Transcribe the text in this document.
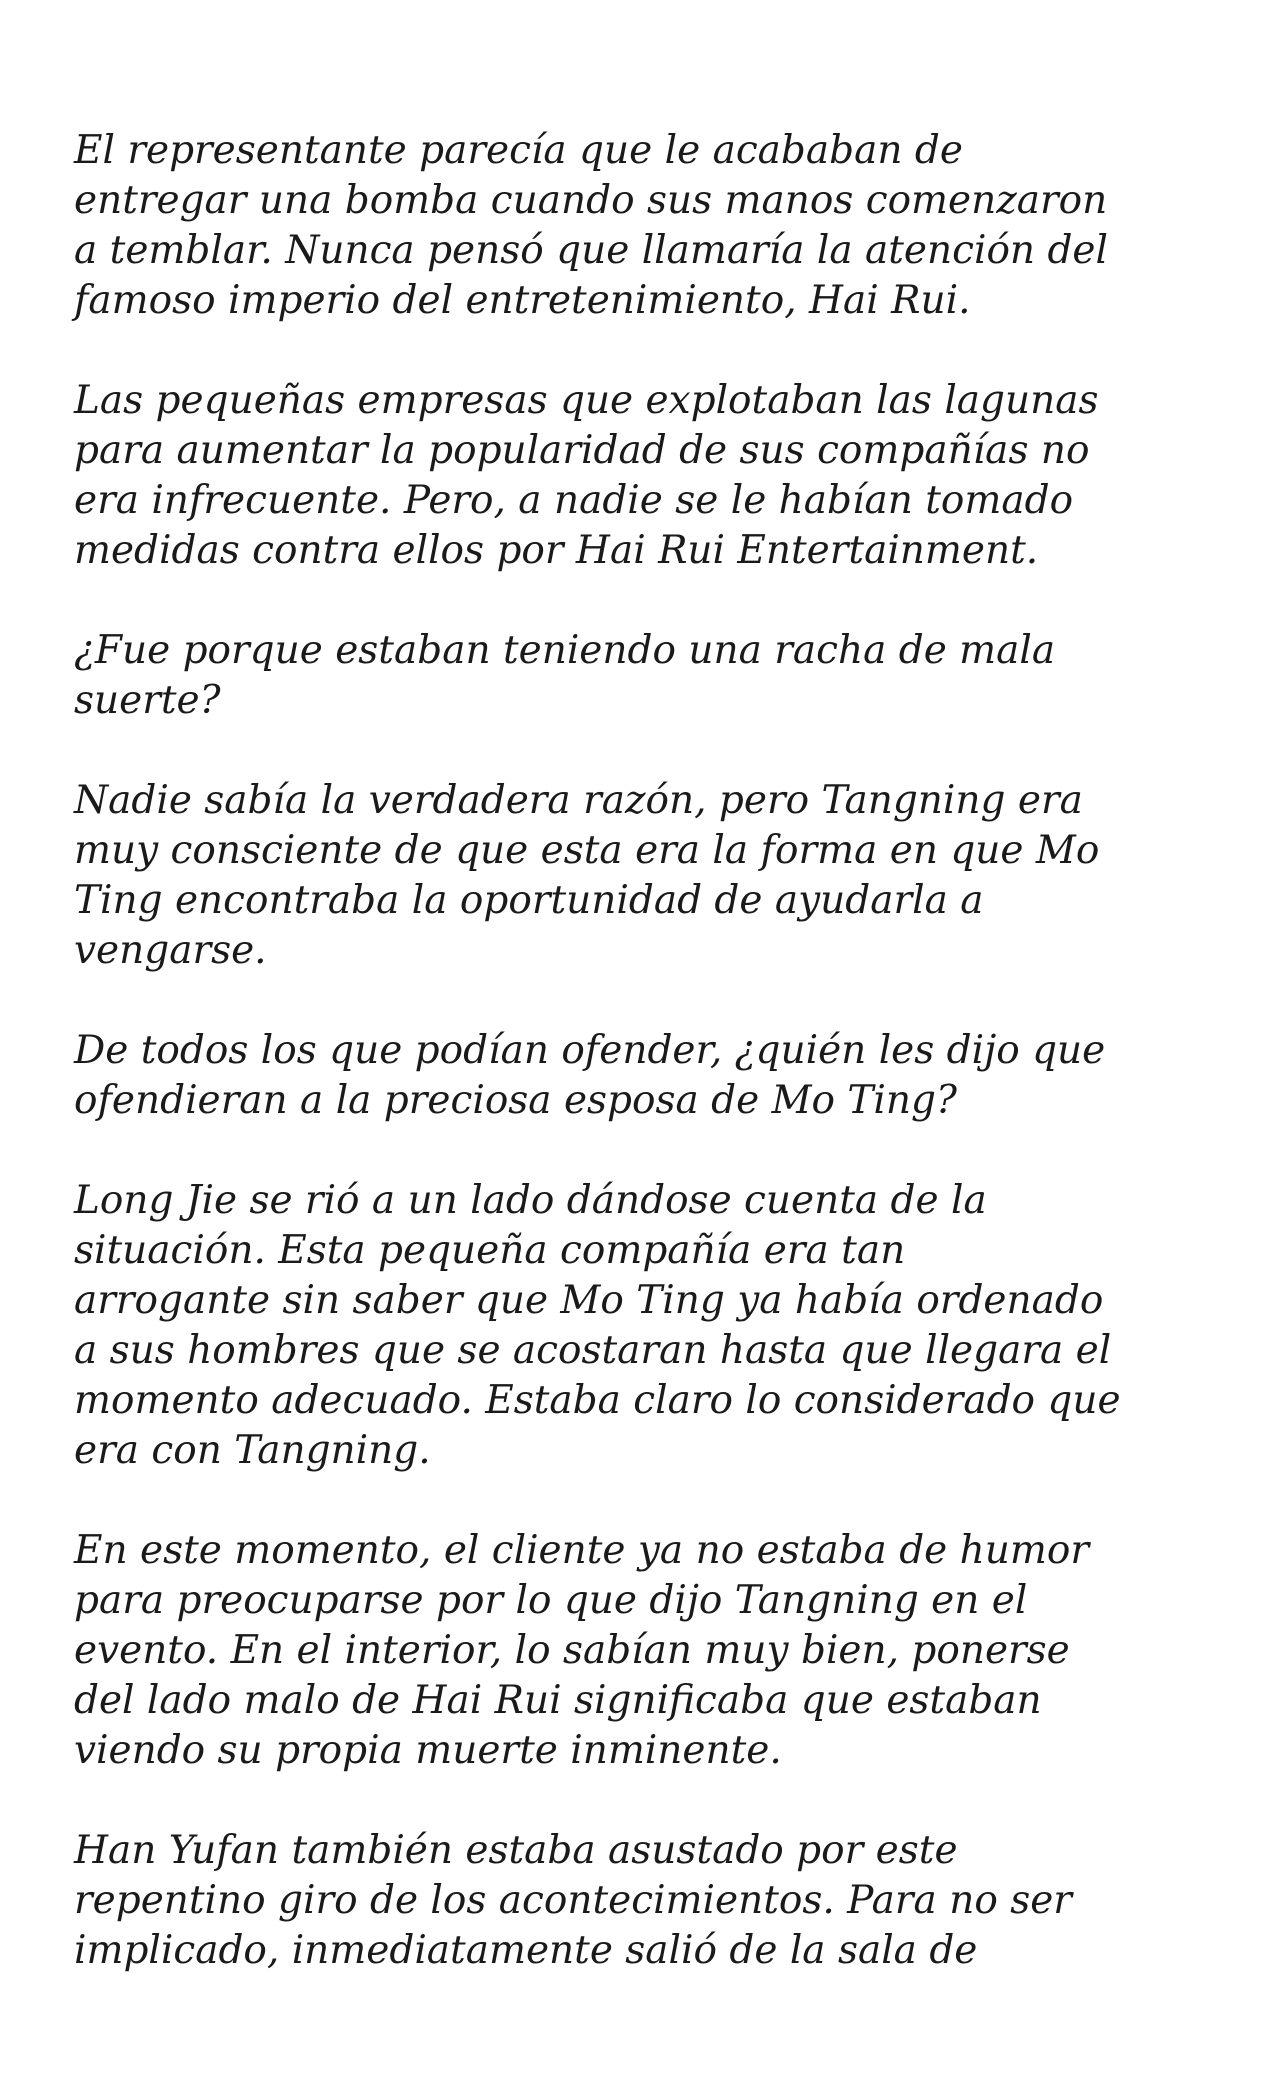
El representante parecía que le acababan de
entregar una bomba cuando sus manos comenzaron
a temblar. Nunca pensó que llamaría la atención del
famoso imperio del entretenimiento, Hai Rui.

Las pequeñas empresas que explotaban las lagunas
para aumentar la popularidad de sus compañías no
era infrecuente. Pero, a nadie se le habían tomado
medidas contra ellos por Hai Rui Entertainment.

¿Fue porque estaban teniendo una racha de mala
suerte?

Nadie sabía la verdadera razón, pero Tangning era
muy consciente de que esta era la forma en que Mo
Ting encontraba la oportunidad de ayudarla a
vengarse.

De todos los que podían ofender, ¿quién les dijo que
ofendieran a la preciosa esposa de Mo Ting?

Long Jie se rió a un lado dándose cuenta de la
situación. Esta pequeña compañía era tan
arrogante sin saber que Mo Ting ya había ordenado
a sus hombres que se acostaran hasta que llegara el
momento adecuado. Estaba claro lo considerado que
era con Tangning.

En este momento, el cliente ya no estaba de humor
para preocuparse por lo que dijo Tangning en el
evento. En el interior, lo sabían muy bien, ponerse
del lado malo de Hai Rui significaba que estaban
viendo su propia muerte inminente.

Han Yufan también estaba asustado por este
repentino giro de los acontecimientos. Para no ser
implicado, inmediatamente salió de la sala de
